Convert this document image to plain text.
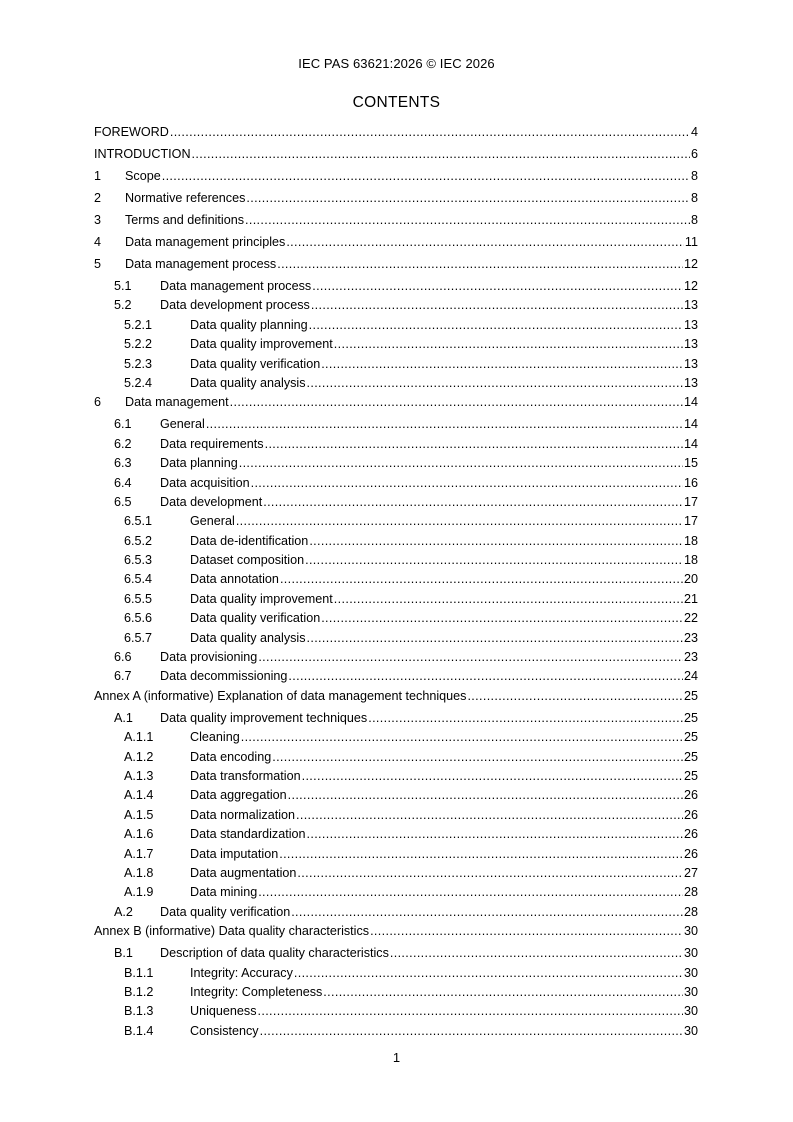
IEC PAS 63621:2026 © IEC 2026
CONTENTS
FOREWORD .....	4
INTRODUCTION .....	6
1	Scope .....	8
2	Normative references .....	8
3	Terms and definitions .....	8
4	Data management principles .....	11
5	Data management process .....	12
5.1	Data management process .....	12
5.2	Data development process .....	13
5.2.1	Data quality planning .....	13
5.2.2	Data quality improvement .....	13
5.2.3	Data quality verification .....	13
5.2.4	Data quality analysis .....	13
6	Data management .....	14
6.1	General .....	14
6.2	Data requirements .....	14
6.3	Data planning .....	15
6.4	Data acquisition .....	16
6.5	Data development .....	17
6.5.1	General .....	17
6.5.2	Data de-identification .....	18
6.5.3	Dataset composition .....	18
6.5.4	Data annotation .....	20
6.5.5	Data quality improvement .....	21
6.5.6	Data quality verification .....	22
6.5.7	Data quality analysis .....	23
6.6	Data provisioning .....	23
6.7	Data decommissioning .....	24
Annex A (informative) Explanation of data management techniques .....	25
A.1	Data quality improvement techniques .....	25
A.1.1	Cleaning .....	25
A.1.2	Data encoding .....	25
A.1.3	Data transformation .....	25
A.1.4	Data aggregation .....	26
A.1.5	Data normalization .....	26
A.1.6	Data standardization .....	26
A.1.7	Data imputation .....	26
A.1.8	Data augmentation .....	27
A.1.9	Data mining .....	28
A.2	Data quality verification .....	28
Annex B (informative) Data quality characteristics .....	30
B.1	Description of data quality characteristics .....	30
B.1.1	Integrity: Accuracy .....	30
B.1.2	Integrity: Completeness .....	30
B.1.3	Uniqueness .....	30
B.1.4	Consistency .....	30
1
